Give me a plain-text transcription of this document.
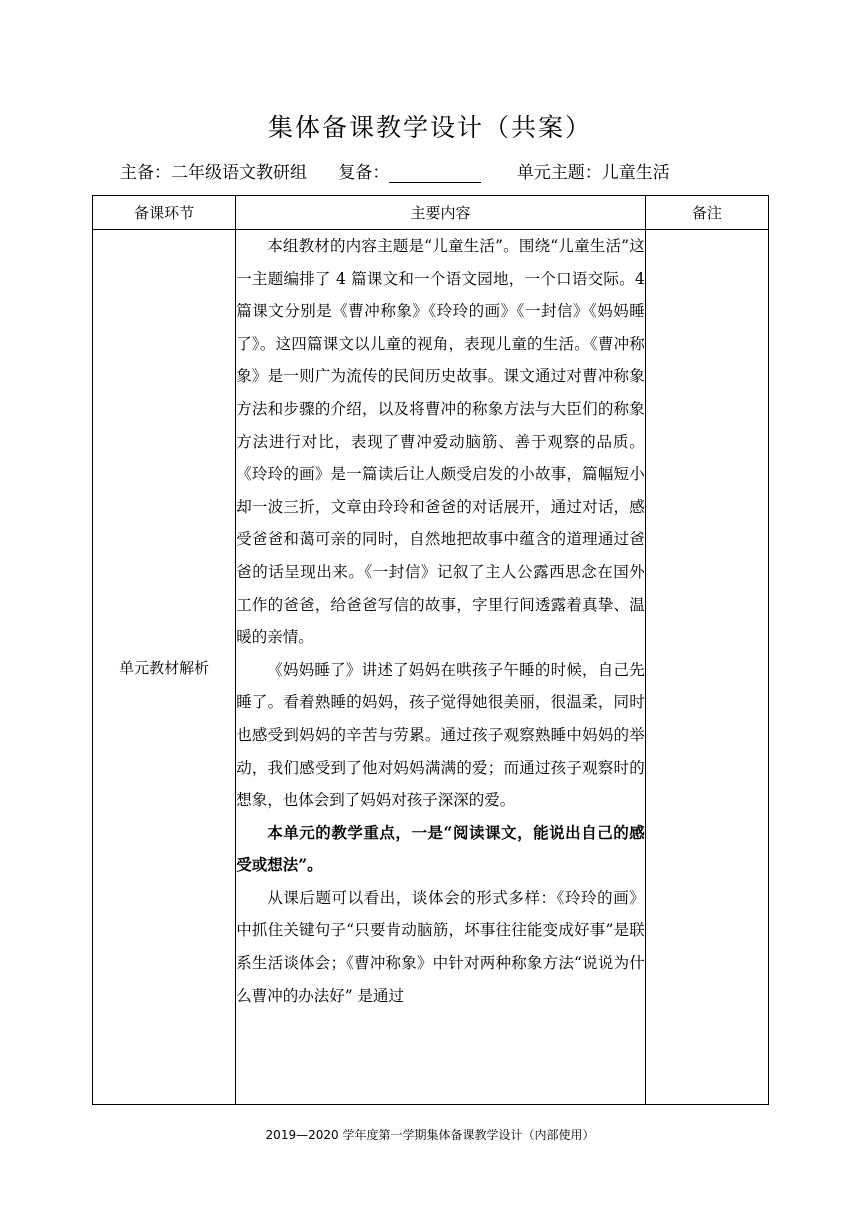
集体备课教学设计（共案）
主备：二年级语文教研组 复备：	单元主题：儿童生活
备课环节	主要内容	备注
单元教材解析	本组教材的内容主题是“儿童生活”。围绕“儿童生活”这一主题编排了 4 篇课文和一个语文园地，一个口语交际。4 篇课文分别是《曹冲称象》《玲玲的画》《一封信》《妈妈睡了》。这四篇课文以儿童的视角，表现儿童的生活。《曹冲称象》是一则广为流传的民间历史故事。课文通过对曹冲称象方法和步骤的介绍，以及将曹冲的称象方法与大臣们的称象方法进行对比，表现了曹冲爱动脑筋、善于观察的品质。《玲玲的画》是一篇读后让人颇受启发的小故事，篇幅短小却一波三折，文章由玲玲和爸爸的对话展开，通过对话，感受爸爸和蔼可亲的同时，自然地把故事中蕴含的道理通过爸爸的话呈现出来。《一封信》记叙了主人公露西思念在国外工作的爸爸，给爸爸写信的故事，字里行间透露着真挚、温暖的亲情。

《妈妈睡了》讲述了妈妈在哄孩子午睡的时候，自己先睡了。看着熟睡的妈妈，孩子觉得她很美丽，很温柔，同时也感受到妈妈的辛苦与劳累。通过孩子观察熟睡中妈妈的举动，我们感受到了他对妈妈满满的爱；而通过孩子观察时的想象，也体会到了妈妈对孩子深深的爱。

本单元的教学重点，一是“阅读课文，能说出自己的感受或想法”。

从课后题可以看出，谈体会的形式多样：《玲玲的画》中抓住关键句子“只要肯动脑筋，坏事往往能变成好事”是联系生活谈体会；《曹冲称象》中针对两种称象方法“说说为什么曹冲的办法好” 是通过	

2019—2020 学年度第一学期集体备课教学设计（内部使用）
